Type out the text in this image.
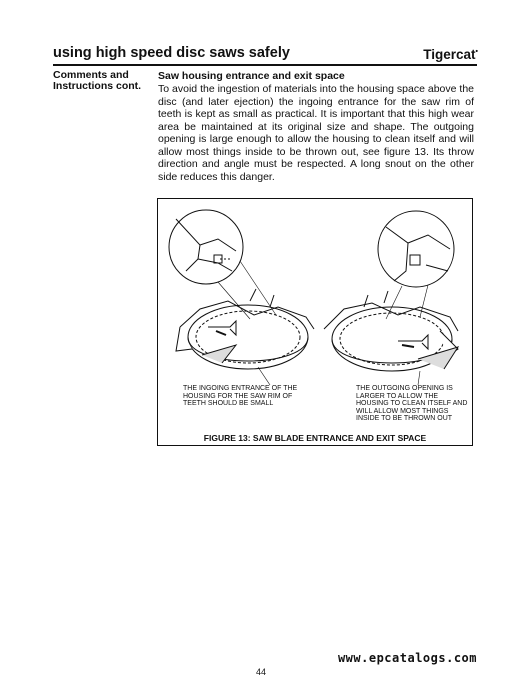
using high speed disc saws safely	Tigercat•
Comments and Instructions cont.
Saw housing entrance and exit space

To avoid the ingestion of materials into the housing space above the disc (and later ejection) the ingoing entrance for the saw rim of teeth is kept as small as practical. It is important that this high wear area be maintained at its original size and shape. The outgoing opening is large enough to allow the housing to clean itself and will allow most things inside to be thrown out, see figure 13. Its throw direction and angle must be respected. A long snout on the other side reduces this danger.

THE INGOING ENTRANCE OF THE HOUSING FOR THE SAW RIM OF TEETH SHOULD BE SMALL
THE OUTGOING OPENING IS LARGER TO ALLOW THE HOUSING TO CLEAN ITSELF AND WILL ALLOW MOST THINGS INSIDE TO BE THROWN OUT
FIGURE 13: SAW BLADE ENTRANCE AND EXIT SPACE
www.epcatalogs.com
44
